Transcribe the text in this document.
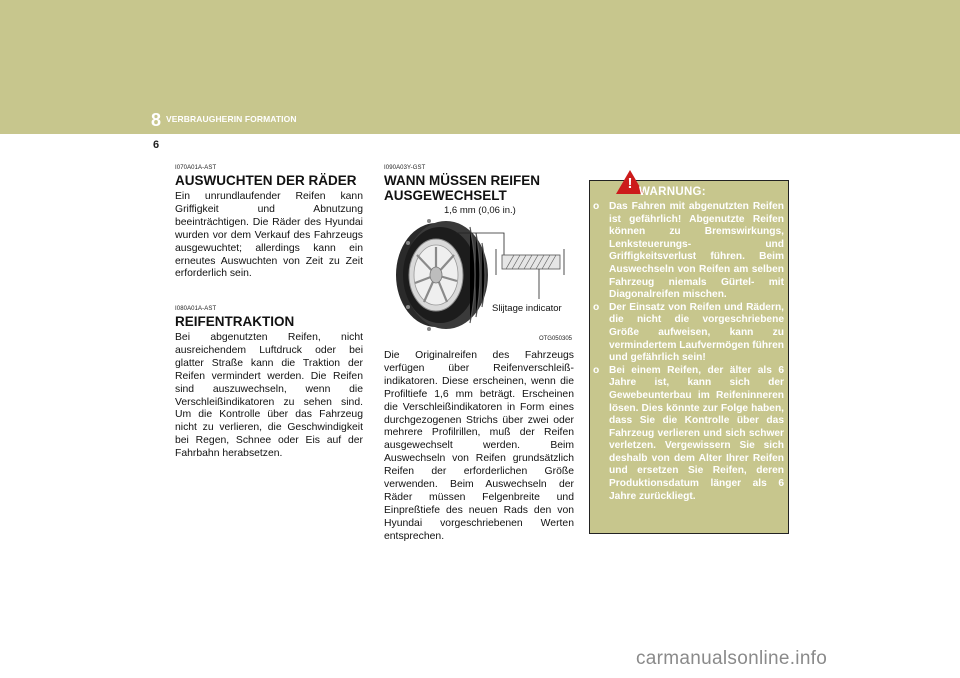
8 VERBRAUGHERIN FORMATION
6
I070A01A-AST
AUSWUCHTEN DER RÄDER
Ein unrundlaufender Reifen kann Griffigkeit und Abnutzung beeinträchtigen. Die Räder des Hyundai wurden vor dem Verkauf des Fahrzeugs ausgewuchtet; allerdings kann ein erneutes Auswuchten von Zeit zu Zeit erforderlich sein.
I080A01A-AST
REIFENTRAKTION
Bei abgenutzten Reifen, nicht ausreichendem Luftdruck oder bei glatter Straße kann die Traktion der Reifen vermindert werden. Die Reifen sind auszuwechseln, wenn die Verschleißindikatoren zu sehen sind. Um die Kontrolle über das Fahrzeug nicht zu verlieren, die Geschwindigkeit bei Regen, Schnee oder Eis auf der Fahrbahn herabsetzen.
I090A03Y-GST
WANN MÜSSEN REIFEN AUSGEWECHSELT
1,6 mm (0,06 in.)
Slijtage indicator
OTG050305
Die Originalreifen des Fahrzeugs verfügen über Reifenverschleiß-indikatoren. Diese erscheinen, wenn die Profiltiefe 1,6 mm beträgt. Erscheinen die Verschleißindikatoren in Form eines durchgezogenen Strichs über zwei oder mehrere Profilrillen, muß der Reifen ausgewechselt werden. Beim Auswechseln von Reifen grundsätzlich Reifen der erforderlichen Größe verwenden. Beim Auswechseln der Räder müssen Felgenbreite und Einpreßtiefe des neuen Rads den von Hyundai vorgeschriebenen Werten entsprechen.
! WARNUNG:
o Das Fahren mit abgenutzten Reifen ist gefährlich! Abgenutzte Reifen können zu Bremswirkungs, Lenksteuerungs- und Griffigkeitsverlust führen. Beim Auswechseln von Reifen am selben Fahrzeug niemals Gürtel- mit Diagonalreifen mischen.
o Der Einsatz von Reifen und Rädern, die nicht die vorgeschriebene Größe aufweisen, kann zu vermindertem Laufvermögen führen und gefährlich sein!
o Bei einem Reifen, der älter als 6 Jahre ist, kann sich der Gewebeunterbau im Reifeninneren lösen. Dies könnte zur Folge haben, dass Sie die Kontrolle über das Fahrzeug verlieren und sich schwer verletzen. Vergewissern Sie sich deshalb von dem Alter Ihrer Reifen und ersetzen Sie Reifen, deren Produktionsdatum länger als 6 Jahre zurückliegt.
carmanualsonline.info
